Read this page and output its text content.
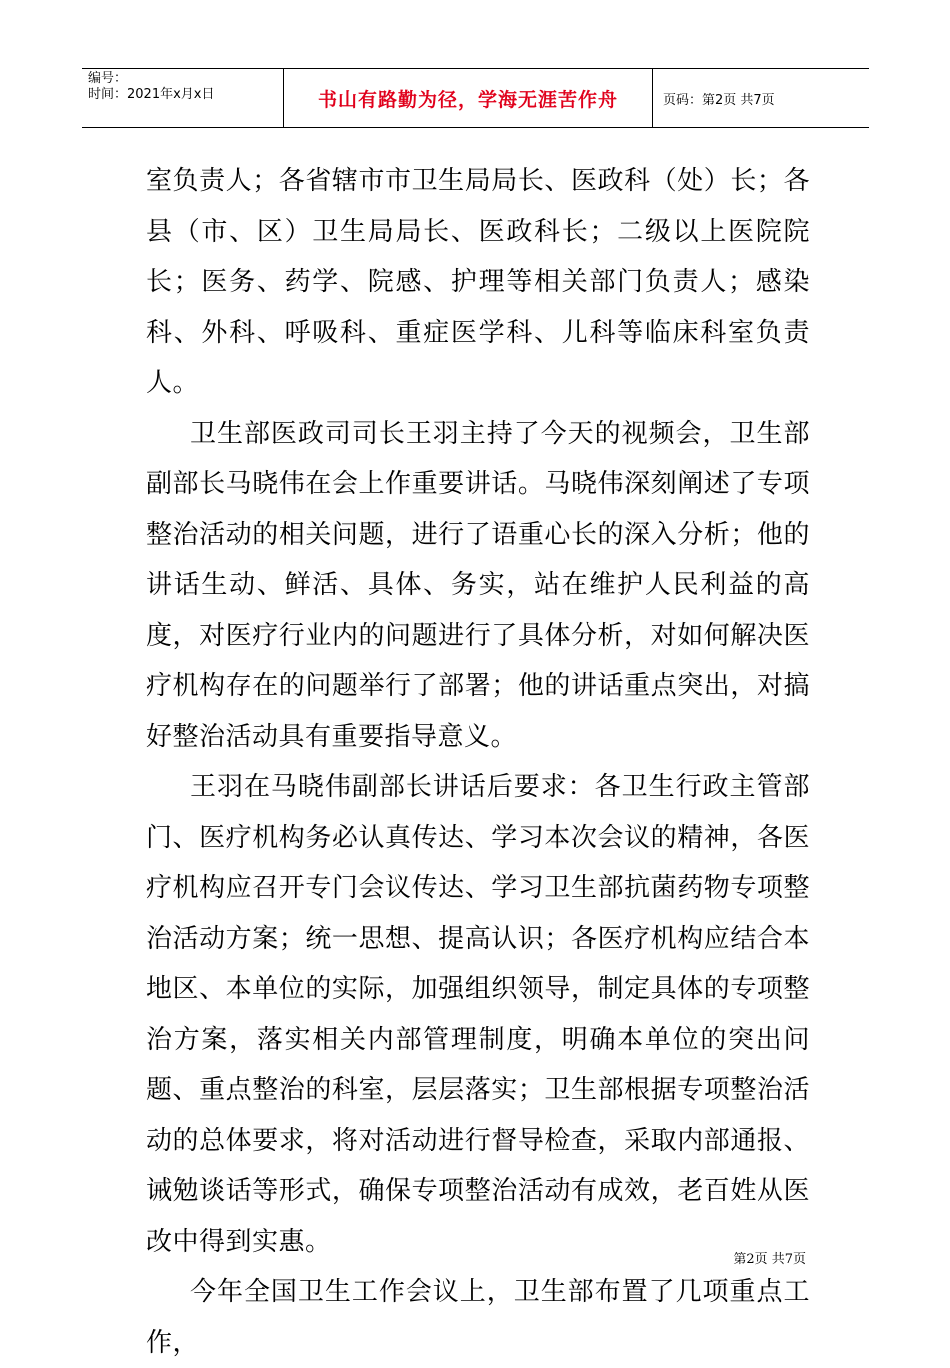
编号：
时间：2021年x月x日	书山有路勤为径，学海无涯苦作舟	页码：第2页 共7页

室负责人；各省辖市市卫生局局长、医政科（处）长；各县（市、区）卫生局局长、医政科长；二级以上医院院长；医务、药学、院感、护理等相关部门负责人；感染科、外科、呼吸科、重症医学科、儿科等临床科室负责人。

卫生部医政司司长王羽主持了今天的视频会，卫生部副部长马晓伟在会上作重要讲话。马晓伟深刻阐述了专项整治活动的相关问题，进行了语重心长的深入分析；他的讲话生动、鲜活、具体、务实，站在维护人民利益的高度，对医疗行业内的问题进行了具体分析，对如何解决医疗机构存在的问题举行了部署；他的讲话重点突出，对搞好整治活动具有重要指导意义。

王羽在马晓伟副部长讲话后要求：各卫生行政主管部门、医疗机构务必认真传达、学习本次会议的精神，各医疗机构应召开专门会议传达、学习卫生部抗菌药物专项整治活动方案；统一思想、提高认识；各医疗机构应结合本地区、本单位的实际，加强组织领导，制定具体的专项整治方案，落实相关内部管理制度，明确本单位的突出问题、重点整治的科室，层层落实；卫生部根据专项整治活动的总体要求，将对活动进行督导检查，采取内部通报、诫勉谈话等形式，确保专项整治活动有成效，老百姓从医改中得到实惠。

今年全国卫生工作会议上，卫生部布置了几项重点工作，

第2页 共7页
